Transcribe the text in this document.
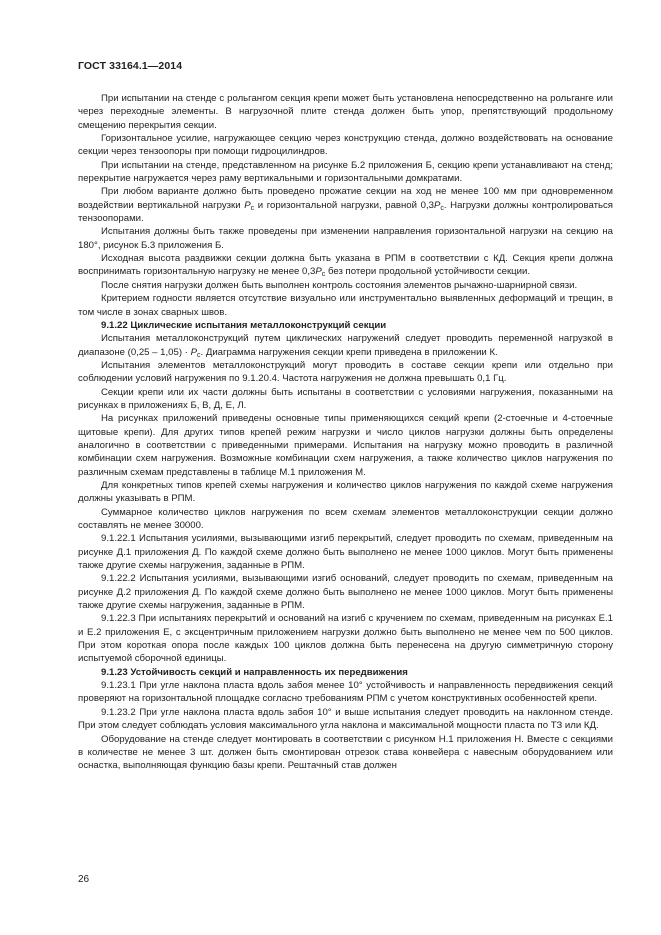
ГОСТ 33164.1—2014

При испытании на стенде с рольгангом секция крепи может быть установлена непосредственно на рольганге или через переходные элементы. В нагрузочной плите стенда должен быть упор, препятствующий продольному смещению перекрытия секции.

Горизонтальное усилие, нагружающее секцию через конструкцию стенда, должно воздействовать на основание секции через тензоопоры при помощи гидроцилиндров.

При испытании на стенде, представленном на рисунке Б.2 приложения Б, секцию крепи устанавливают на стенд; перекрытие нагружается через раму вертикальными и горизонтальными домкратами.

При любом варианте должно быть проведено прожатие секции на ход не менее 100 мм при одновременном воздействии вертикальной нагрузки $P_c$ и горизонтальной нагрузки, равной $0,3P_c$. Нагрузки должны контролироваться тензоопорами.

Испытания должны быть также проведены при изменении направления горизонтальной нагрузки на секцию на 180°, рисунок Б.3 приложения Б.

Исходная высота раздвижки секции должна быть указана в РПМ в соответствии с КД. Секция крепи должна воспринимать горизонтальную нагрузку не менее $0,3P_c$ без потери продольной устойчивости секции.

После снятия нагрузки должен быть выполнен контроль состояния элементов рычажно-шарнирной связи.

Критерием годности является отсутствие визуально или инструментально выявленных деформаций и трещин, в том числе в зонах сварных швов.

9.1.22 Циклические испытания металлоконструкций секции

Испытания металлоконструкций путем циклических нагружений следует проводить переменной нагрузкой в диапазоне $(0,25 - 1,05) \cdot P_c$. Диаграмма нагружения секции крепи приведена в приложении К.

Испытания элементов металлоконструкций могут проводить в составе секции крепи или отдельно при соблюдении условий нагружения по 9.1.20.4. Частота нагружения не должна превышать 0,1 Гц.

Секции крепи или их части должны быть испытаны в соответствии с условиями нагружения, показанными на рисунках в приложениях Б, В, Д, Е, Л.

На рисунках приложений приведены основные типы применяющихся секций крепи (2-стоечные и 4-стоечные щитовые крепи). Для других типов крепей режим нагрузки и число циклов нагрузки должны быть определены аналогично в соответствии с приведенными примерами. Испытания на нагрузку можно проводить в различной комбинации схем нагружения. Возможные комбинации схем нагружения, а также количество циклов нагружения по различным схемам представлены в таблице М.1 приложения М.

Для конкретных типов крепей схемы нагружения и количество циклов нагружения по каждой схеме нагружения должны указывать в РПМ.

Суммарное количество циклов нагружения по всем схемам элементов металлоконструкции секции должно составлять не менее 30000.

9.1.22.1 Испытания усилиями, вызывающими изгиб перекрытий, следует проводить по схемам, приведенным на рисунке Д.1 приложения Д. По каждой схеме должно быть выполнено не менее 1000 циклов. Могут быть применены также другие схемы нагружения, заданные в РПМ.

9.1.22.2 Испытания усилиями, вызывающими изгиб оснований, следует проводить по схемам, приведенным на рисунке Д.2 приложения Д. По каждой схеме должно быть выполнено не менее 1000 циклов. Могут быть применены также другие схемы нагружения, заданные в РПМ.

9.1.22.3 При испытаниях перекрытий и оснований на изгиб с кручением по схемам, приведенным на рисунках Е.1 и Е.2 приложения Е, с эксцентричным приложением нагрузки должно быть выполнено не менее чем по 500 циклов. При этом короткая опора после каждых 100 циклов должна быть перенесена на другую симметричную сторону испытуемой сборочной единицы.

9.1.23 Устойчивость секций и направленность их передвижения

9.1.23.1 При угле наклона пласта вдоль забоя менее 10° устойчивость и направленность передвижения секций проверяют на горизонтальной площадке согласно требованиям РПМ с учетом конструктивных особенностей крепи.

9.1.23.2 При угле наклона пласта вдоль забоя 10° и выше испытания следует проводить на наклонном стенде. При этом следует соблюдать условия максимального угла наклона и максимальной мощности пласта по ТЗ или КД.

Оборудование на стенде следует монтировать в соответствии с рисунком Н.1 приложения Н. Вместе с секциями в количестве не менее 3 шт. должен быть смонтирован отрезок става конвейера с навесным оборудованием или оснастка, выполняющая функцию базы крепи. Рештачный став должен

26
